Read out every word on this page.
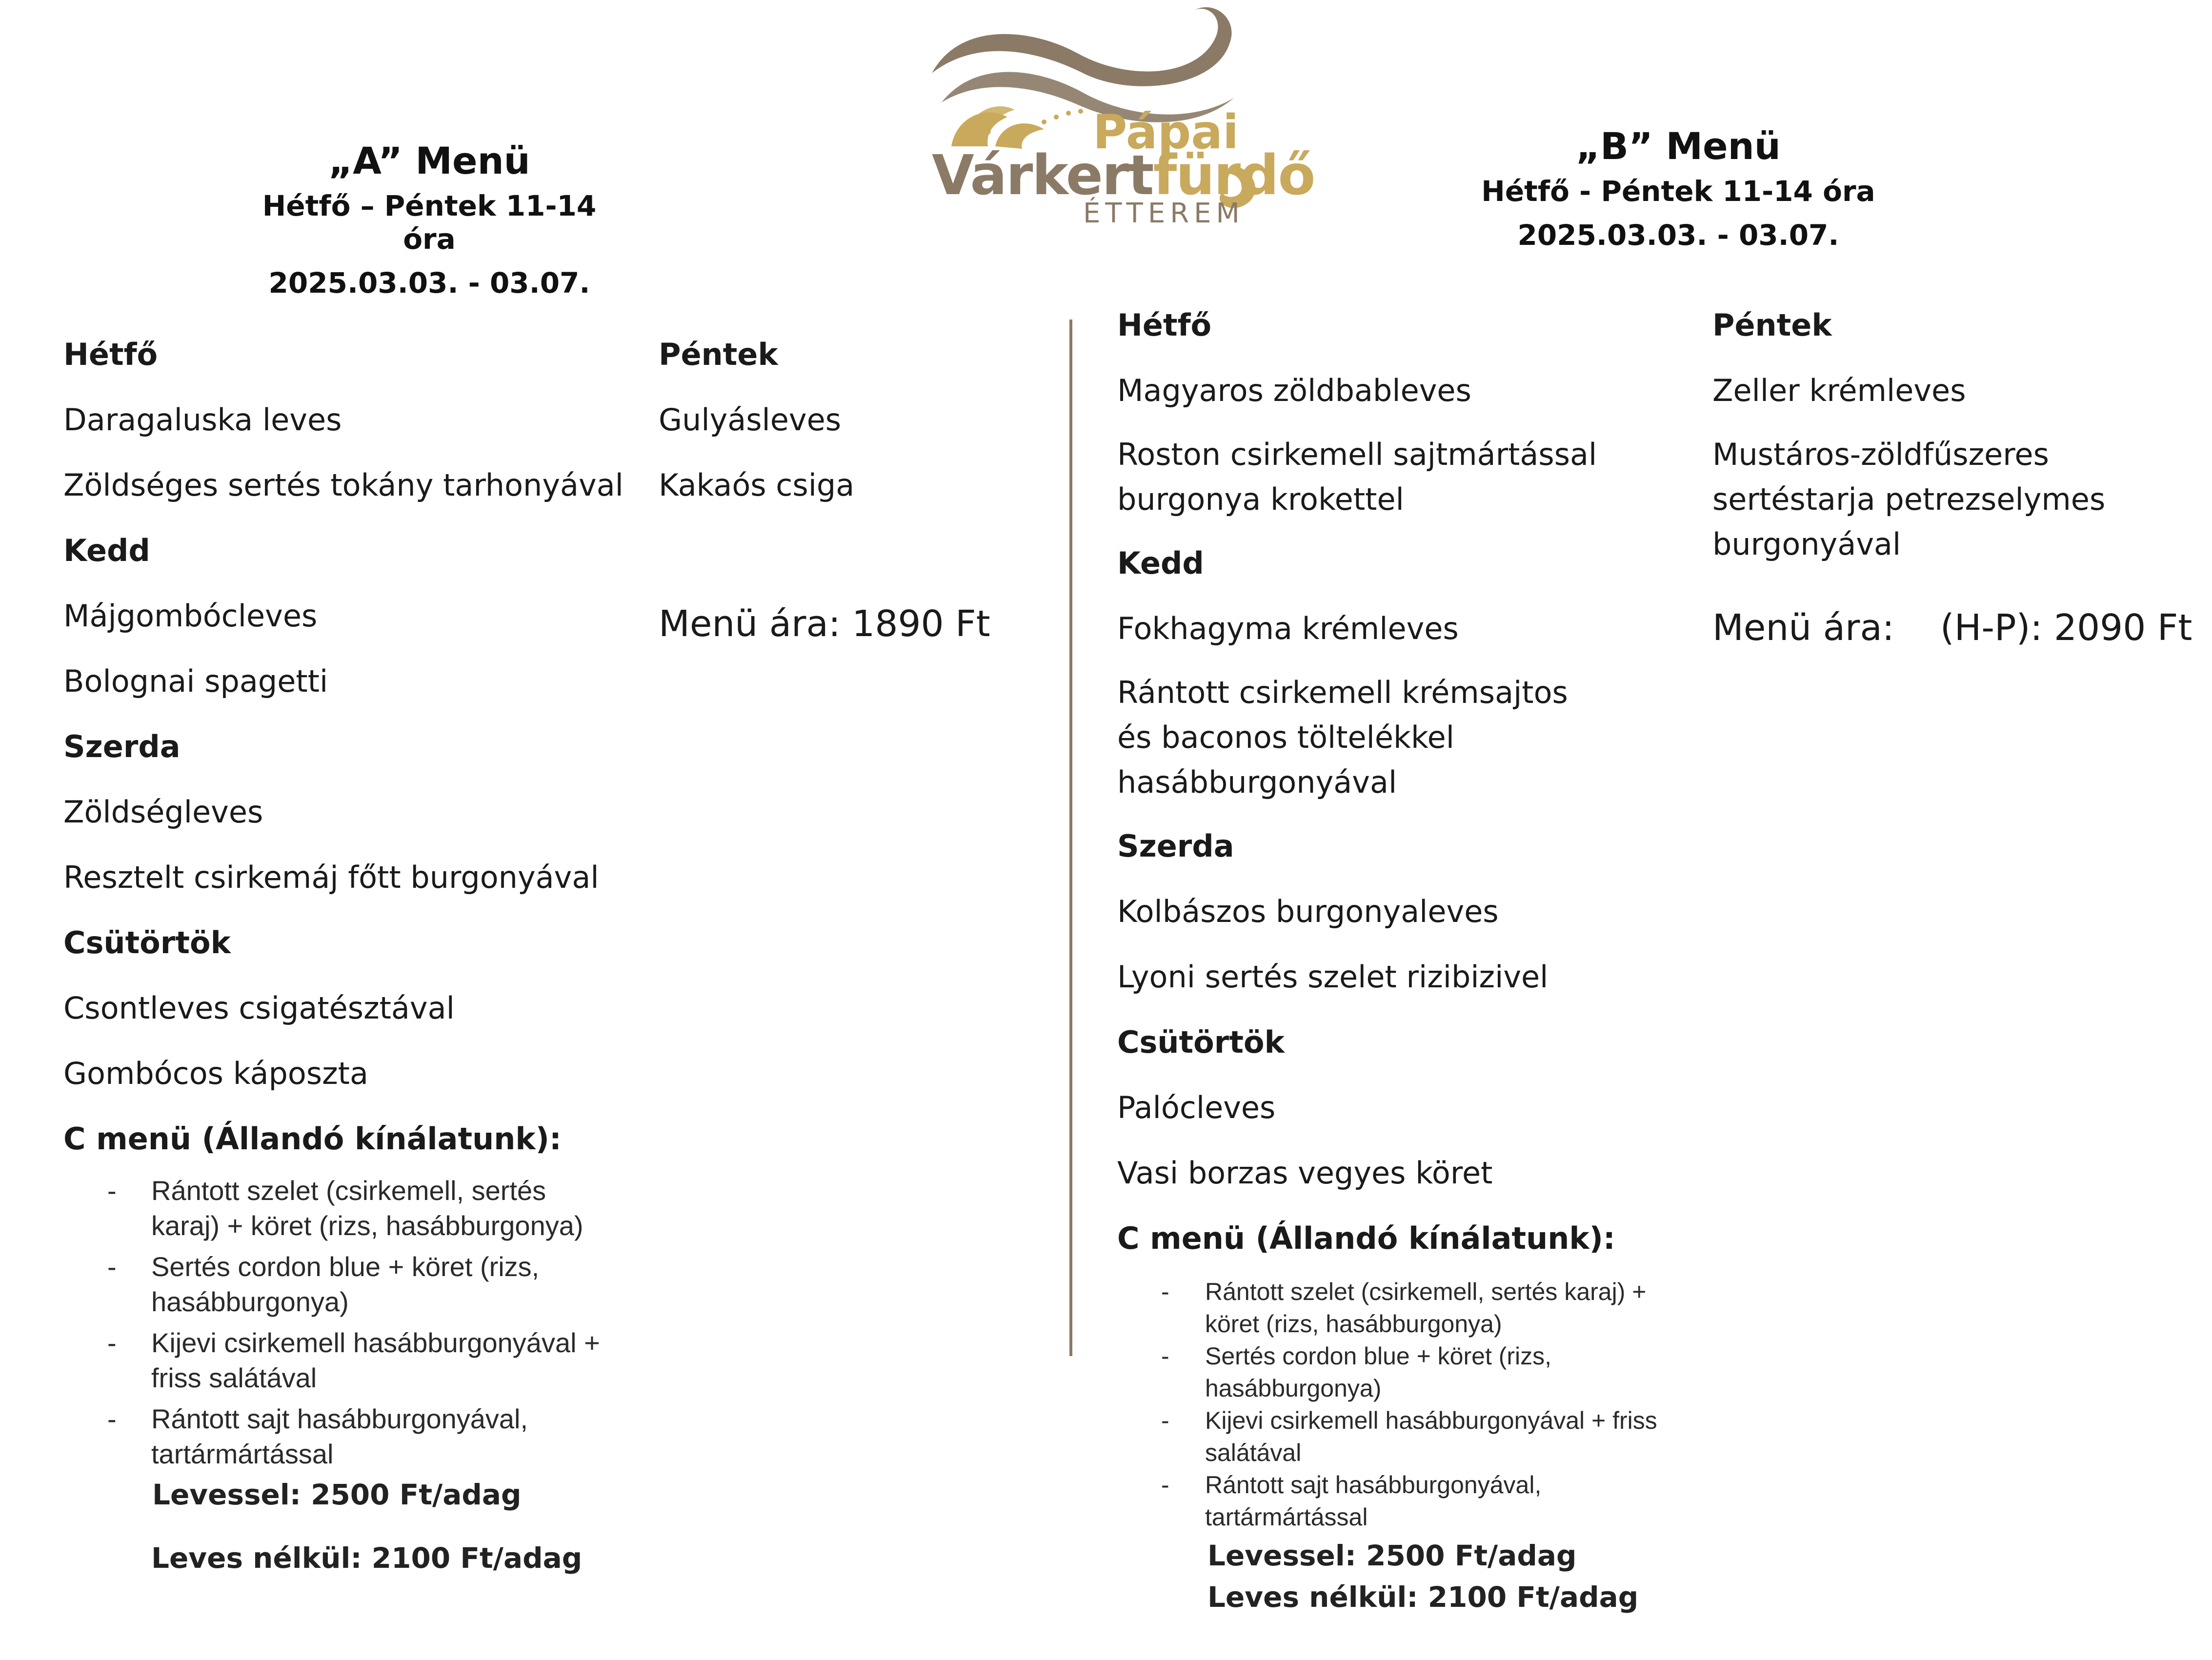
Pápai
Várkertfürdő
ÉTTEREM
„A” Menü
Hétfő – Péntek 11-14 óra
2025.03.03. - 03.07.
„B” Menü
Hétfő - Péntek 11-14 óra
2025.03.03. - 03.07.
Hétfő
Daragaluska leves
Zöldséges sertés tokány tarhonyával
Kedd
Májgombócleves
Bolognai spagetti
Szerda
Zöldségleves
Resztelt csirkemáj főtt burgonyával
Csütörtök
Csontleves csigatésztával
Gombócos káposzta
C menü (Állandó kínálatunk):
Péntek
Gulyásleves
Kakaós csiga
Menü ára: 1890 Ft
- Rántott szelet (csirkemell, sertés karaj) + köret (rizs, hasábburgonya)
- Sertés cordon blue + köret (rizs, hasábburgonya)
- Kijevi csirkemell hasábburgonyával + friss salátával
- Rántott sajt hasábburgonyával, tartármártással
Levessel: 2500 Ft/adag
Leves nélkül: 2100 Ft/adag
Hétfő
Magyaros zöldbableves
Roston csirkemell sajtmártással burgonya krokettel
Kedd
Fokhagyma krémleves
Rántott csirkemell krémsajtos és baconos töltelékkel hasábburgonyával
Szerda
Kolbászos burgonyaleves
Lyoni sertés szelet rizibizivel
Csütörtök
Palócleves
Vasi borzas vegyes köret
C menü (Állandó kínálatunk):
Péntek
Zeller krémleves
Mustáros-zöldfűszeres sertéstarja petrezselymes burgonyával
Menü ára:    (H-P): 2090 Ft
- Rántott szelet (csirkemell, sertés karaj) + köret (rizs, hasábburgonya)
- Sertés cordon blue + köret (rizs, hasábburgonya)
- Kijevi csirkemell hasábburgonyával + friss salátával
- Rántott sajt hasábburgonyával, tartármártással
Levessel: 2500 Ft/adag
Leves nélkül: 2100 Ft/adag
